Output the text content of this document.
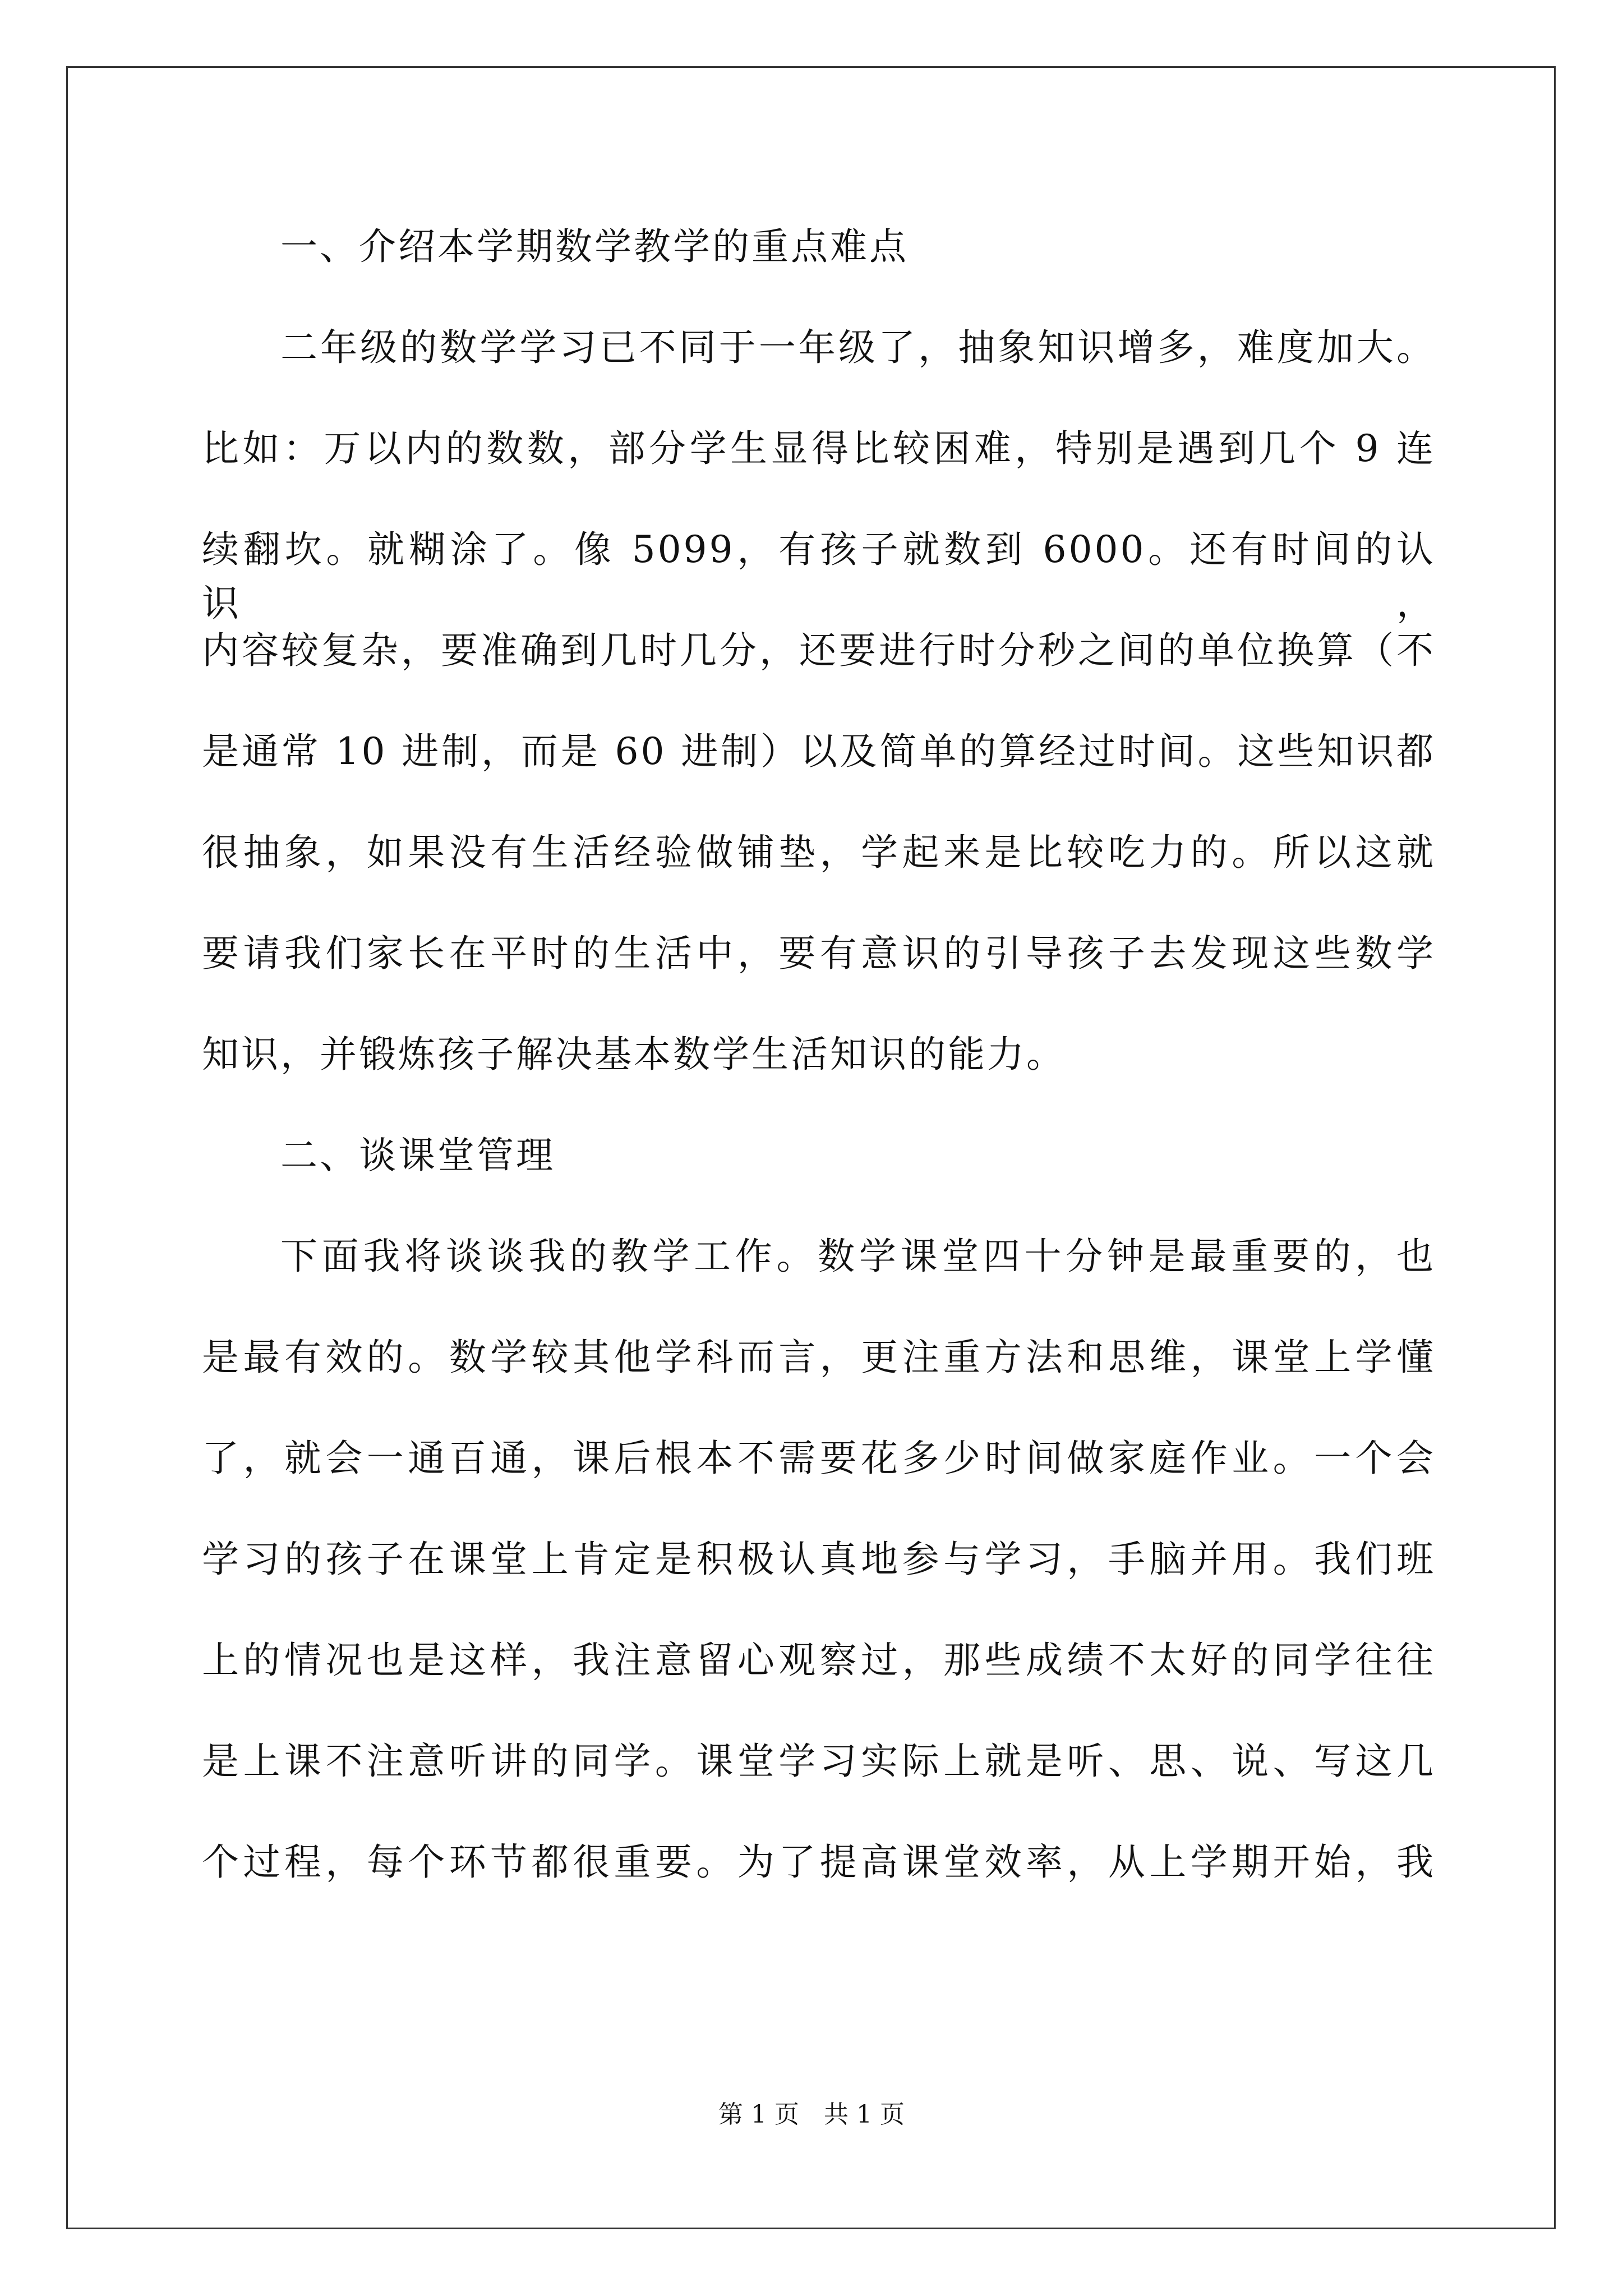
一、介绍本学期数学教学的重点难点
二年级的数学学习已不同于一年级了，抽象知识增多，难度加大。
比如：万以内的数数，部分学生显得比较困难，特别是遇到几个 9 连
续翻坎。就糊涂了。像 5099，有孩子就数到 6000。还有时间的认识，
内容较复杂，要准确到几时几分，还要进行时分秒之间的单位换算（不
是通常 10 进制，而是 60 进制）以及简单的算经过时间。这些知识都
很抽象，如果没有生活经验做铺垫，学起来是比较吃力的。所以这就
要请我们家长在平时的生活中，要有意识的引导孩子去发现这些数学
知识，并锻炼孩子解决基本数学生活知识的能力。
二、谈课堂管理
下面我将谈谈我的教学工作。数学课堂四十分钟是最重要的，也
是最有效的。数学较其他学科而言，更注重方法和思维，课堂上学懂
了，就会一通百通，课后根本不需要花多少时间做家庭作业。一个会
学习的孩子在课堂上肯定是积极认真地参与学习，手脑并用。我们班
上的情况也是这样，我注意留心观察过，那些成绩不太好的同学往往
是上课不注意听讲的同学。课堂学习实际上就是听、思、说、写这几
个过程，每个环节都很重要。为了提高课堂效率，从上学期开始，我
第 1 页　共 1 页
